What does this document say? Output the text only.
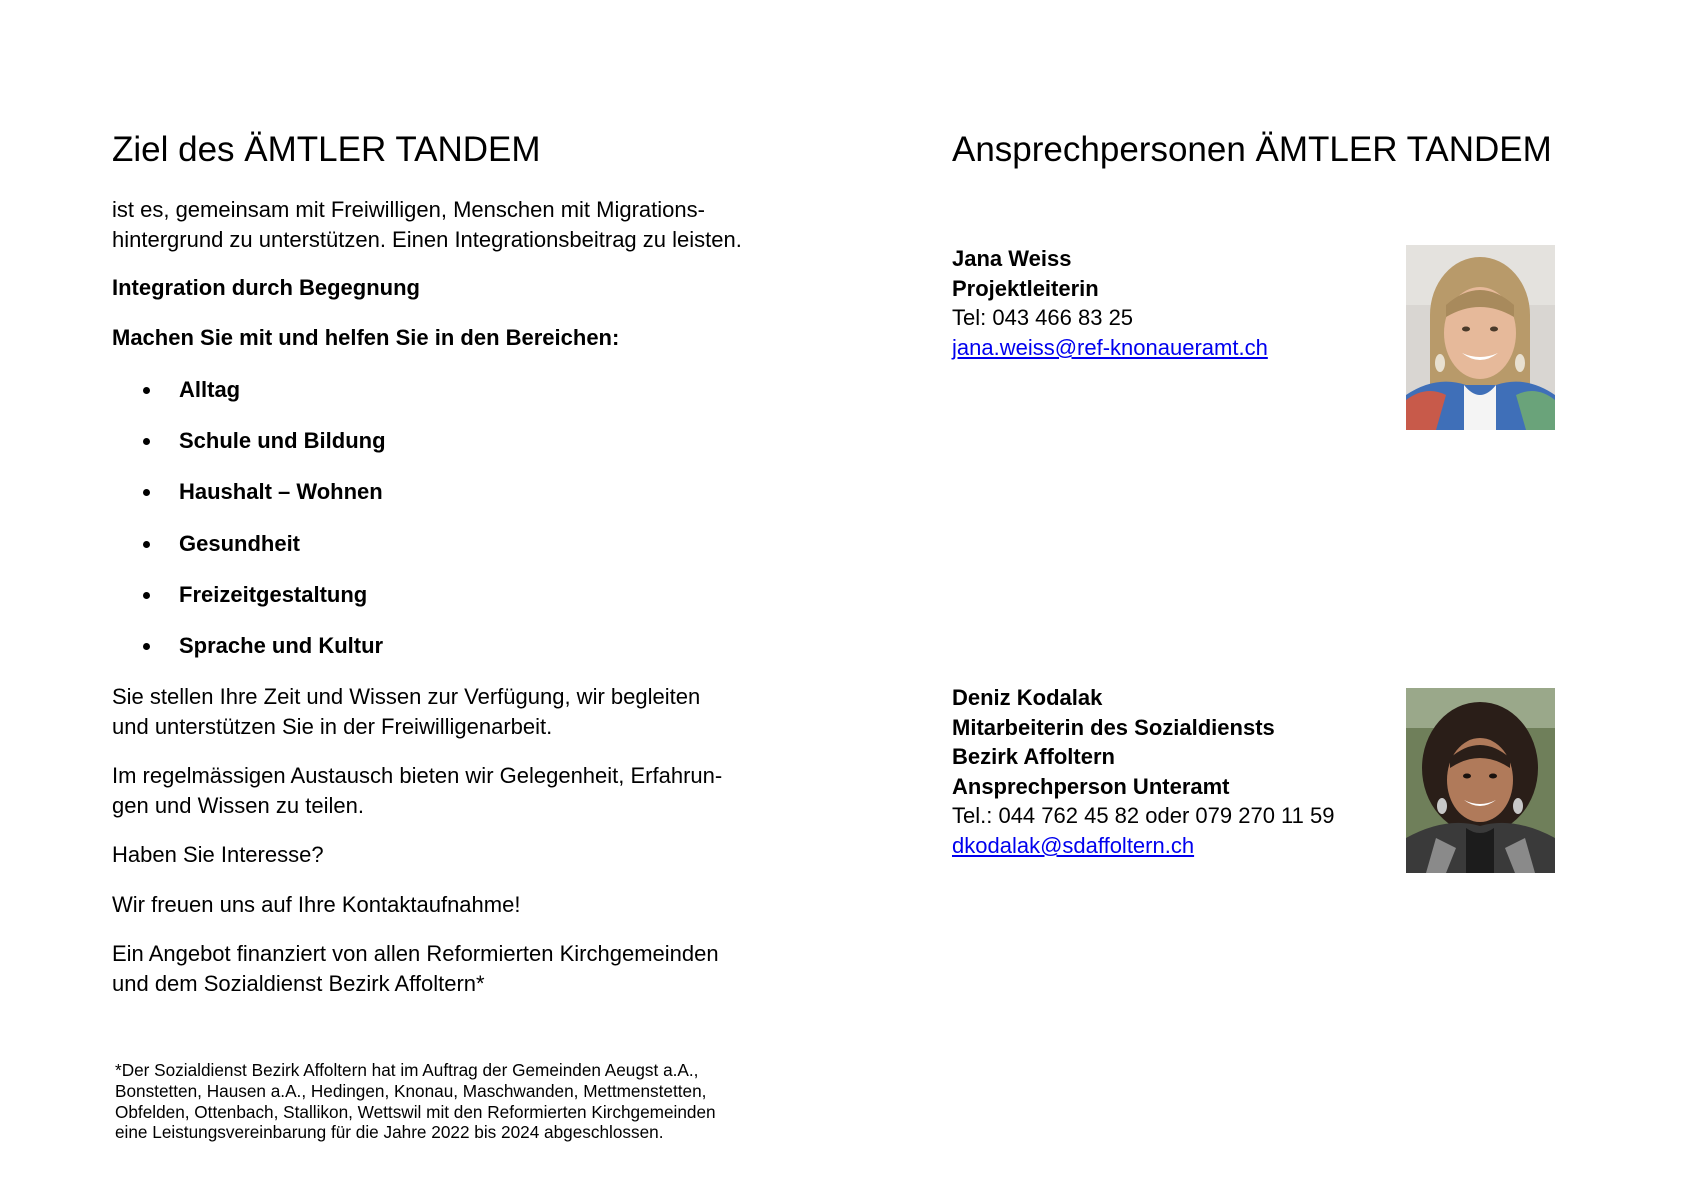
Ziel des ÄMTLER TANDEM
ist es, gemeinsam mit Freiwilligen, Menschen mit Migrations-
hintergrund zu unterstützen. Einen Integrationsbeitrag zu leisten.

Integration durch Begegnung

Machen Sie mit und helfen Sie in den Bereichen:

Alltag
Schule und Bildung
Haushalt – Wohnen
Gesundheit
Freizeitgestaltung
Sprache und Kultur
Sie stellen Ihre Zeit und Wissen zur Verfügung, wir begleiten
und unterstützen Sie in der Freiwilligenarbeit.
Im regelmässigen Austausch bieten wir Gelegenheit, Erfahrun-
gen und Wissen zu teilen.

Haben Sie Interesse?

Wir freuen uns auf Ihre Kontaktaufnahme!

Ein Angebot finanziert von allen Reformierten Kirchgemeinden
und dem Sozialdienst Bezirk Affoltern*
*Der Sozialdienst Bezirk Affoltern hat im Auftrag der Gemeinden Aeugst a.A.,
Bonstetten, Hausen a.A., Hedingen, Knonau, Maschwanden, Mettmenstetten,
Obfelden, Ottenbach, Stallikon, Wettswil mit den Reformierten Kirchgemeinden
eine Leistungsvereinbarung für die Jahre 2022 bis 2024 abgeschlossen.
Ansprechpersonen ÄMTLER TANDEM
Jana Weiss
Projektleiterin
Tel: 043 466 83 25
jana.weiss@ref-knonaueramt.ch
Deniz Kodalak
Mitarbeiterin des Sozialdiensts
Bezirk Affoltern
Ansprechperson Unteramt
Tel.: 044 762 45 82 oder 079 270 11 59
dkodalak@sdaffoltern.ch
